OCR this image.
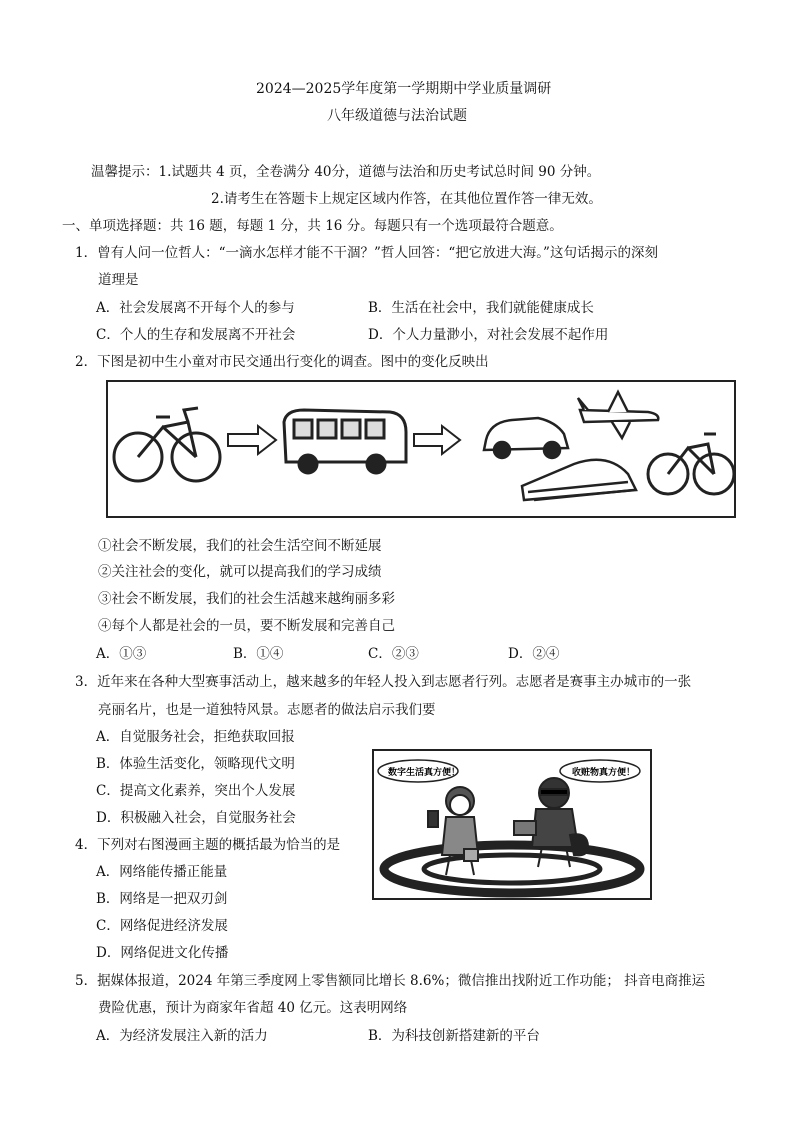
2024—2025学年度第一学期期中学业质量调研
八年级道德与法治试题
温馨提示：1.试题共 4 页，全卷满分 40分，道德与法治和历史考试总时间 90 分钟。
2.请考生在答题卡上规定区域内作答，在其他位置作答一律无效。
一、单项选择题：共 16 题，每题 1 分，共 16 分。每题只有一个选项最符合题意。
1．曾有人问一位哲人：“一滴水怎样才能不干涸？”哲人回答：“把它放进大海。”这句话揭示的深刻
道理是
A．社会发展离不开每个人的参与	B．生活在社会中，我们就能健康成长
C．个人的生存和发展离不开社会	D．个人力量渺小，对社会发展不起作用
2．下图是初中生小童对市民交通出行变化的调查。图中的变化反映出
①社会不断发展，我们的社会生活空间不断延展
②关注社会的变化，就可以提高我们的学习成绩
③社会不断发展，我们的社会生活越来越绚丽多彩
④每个人都是社会的一员，要不断发展和完善自己
A．①③	B．①④	C．②③	D．②④
3．近年来在各种大型赛事活动上，越来越多的年轻人投入到志愿者行列。志愿者是赛事主办城市的一张
亮丽名片，也是一道独特风景。志愿者的做法启示我们要
A．自觉服务社会，拒绝获取回报
B．体验生活变化，领略现代文明
C．提高文化素养，突出个人发展
D．积极融入社会，自觉服务社会
数字生活真方便！	收赃物真方便！
4．下列对右图漫画主题的概括最为恰当的是
A．网络能传播正能量
B．网络是一把双刃剑
C．网络促进经济发展
D．网络促进文化传播
5．据媒体报道，2024 年第三季度网上零售额同比增长 8.6%；微信推出找附近工作功能； 抖音电商推运
费险优惠，预计为商家年省超 40 亿元。这表明网络
A．为经济发展注入新的活力	B．为科技创新搭建新的平台
